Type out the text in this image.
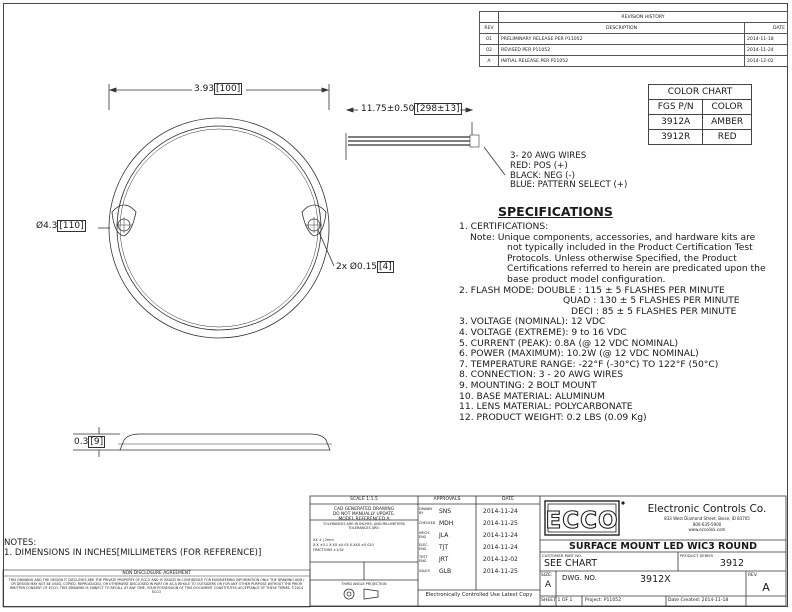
	REVISION HISTORY	
REV	DESCRIPTION	DATE
01	PRELIMINARY RELEASE PER P11052	2014-11-18
02	REVISED PER P11052	2014-11-24
A	INITIAL RELEASE PER P11052	2014-12-02
COLOR CHART	
FGS P/N	COLOR
3912A	AMBER
3912R	RED
ECCO
3.93 [100]
11.75±0.50 [298±13]
Ø4.3 [110]
2x Ø0.15 [4]
0.3 [9]
3- 20 AWG WIRES
RED: POS (+)
BLACK: NEG (-)
BLUE: PATTERN SELECT (+)
SPECIFICATIONS
1. CERTIFICATIONS:
Note: Unique components, accessories, and hardware kits are
not typically included in the Product Certification Test
Protocols. Unless otherwise Specified, the Product
Certifications referred to herein are predicated upon the
base product model configuration.
2. FLASH MODE: DOUBLE : 115 ± 5 FLASHES PER MINUTE
QUAD : 130 ± 5 FLASHES PER MINUTE
DECI : 85 ± 5 FLASHES PER MINUTE
3. VOLTAGE (NOMINAL): 12 VDC
4. VOLTAGE (EXTREME): 9 to 16 VDC
5. CURRENT (PEAK): 0.8A (@ 12 VDC NOMINAL)
6. POWER (MAXIMUM): 10.2W (@ 12 VDC NOMINAL)
7. TEMPERATURE RANGE: -22°F (-30°C) TO 122°F (50°C)
8. CONNECTION: 3 - 20 AWG WIRES
9. MOUNTING: 2 BOLT MOUNT
10. BASE MATERIAL: ALUMINUM
11. LENS MATERIAL: POLYCARBONATE
12. PRODUCT WEIGHT: 0.2 LBS (0.09 Kg)
NOTES:
1. DIMENSIONS IN INCHES[MILLIMETERS (FOR REFERENCE)]
NON DISCLOSURE AGREEMENT
THIS DRAWING AND THE DESIGN IT DISCLOSES ARE THE PRIVATE PROPERTY OF ECCO AND IS ISSUED IN CONFIDENCE FOR ENGINEERING INFORMATION ONLY. THE DRAWING AND / OR DESIGN MAY NOT BE USED, COPIED, REPRODUCED, OR OTHERWISE DISCLOSED IN PART OR AS A WHOLE TO OUTSIDERS OR FOR ANY OTHER PURPOSE WITHOUT THE PRIOR WRITTEN CONSENT OF ECCO. THIS DRAWING IS SUBJECT TO RECALL AT ANY TIME. YOUR POSSESSION OF THIS DOCUMENT CONSTITUTES ACCEPTANCE OF THESE TERMS. ©2014 ECCO
SCALE 1:1.5	APPROVALS	DATE
CAD GENERATED DRAWING
DO NOT MANUALLY UPDATE.
MODEL REFERENCED A
TOLERANCES ARE IN INCHES, AND MILLIMETERS
TOLERANCES ARE:
XX ± | 2mm
X.X ±0.1 X.XX ±0.05 X.XXX ±0.010
FRACTIONS ±1/32
THIRD ANGLE PROJECTION
DRAWN BY	SNS	2014-11-24
CHECKED MDH	2014-11-25
MECH. ENG	JLA	2014-11-24
ELEC. ENG	TJT	2014-11-24
TEST ENG	JRT	2014-12-02
SALES	GLB	2014-11-25
Electronically Controlled Use Latest Copy
Electronic Controls Co.
833 West Diamond Street, Boise, ID 83705
800-635-5900
www.eccolink.com
SURFACE MOUNT LED WIC3 ROUND
CUSTOMER PART NO.
SEE CHART
PRODUCT SERIES
3912
SIZE:
A
DWG. NO.	3912X	REV.
A
SHEET 1 OF 1	Project: P11052	Date Created: 2014-11-18
